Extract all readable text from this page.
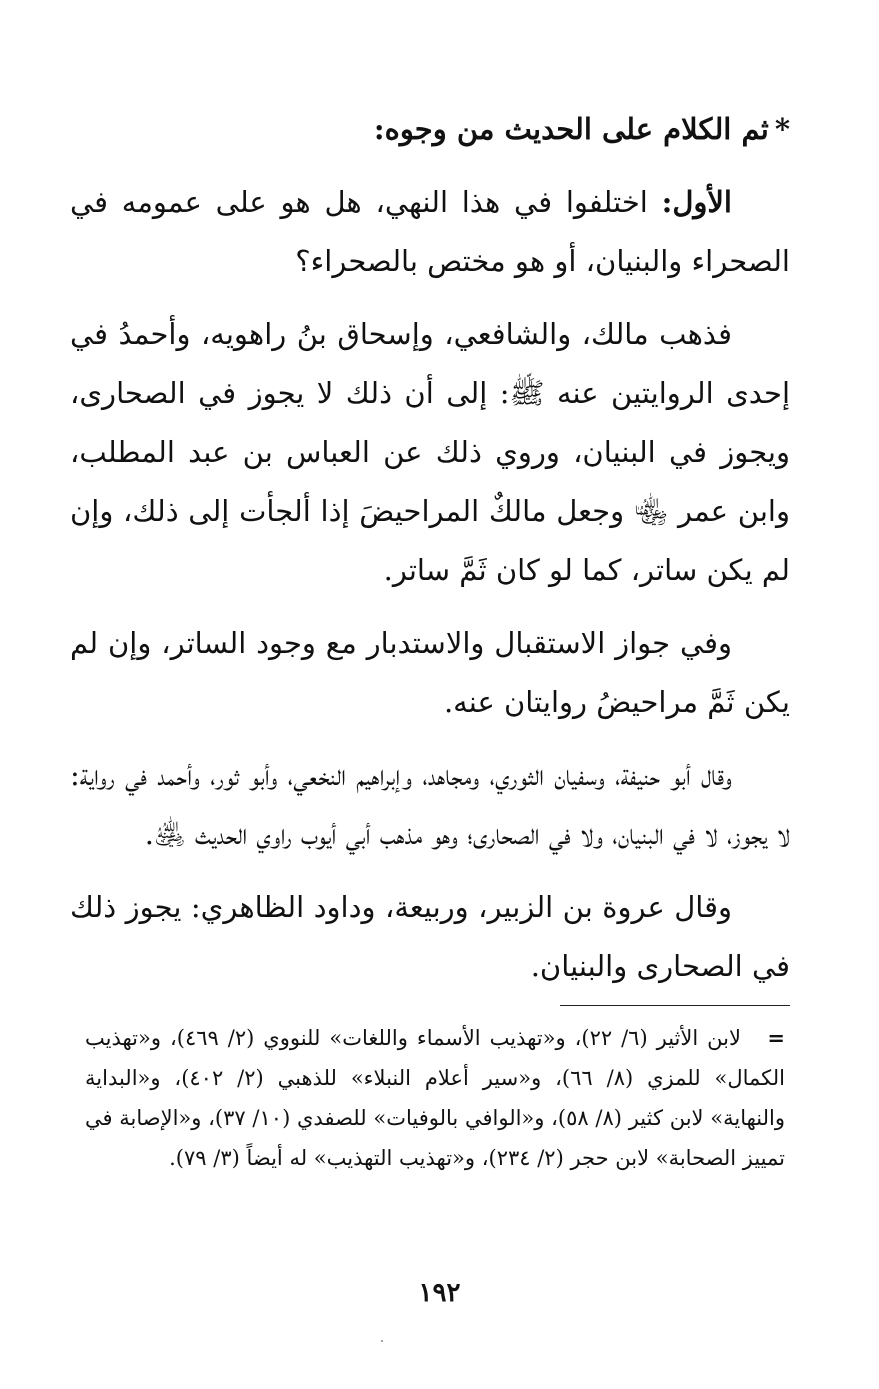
*ثم الكلام على الحديث من وجوه:

الأول: اختلفوا في هذا النهي، هل هو على عمومه في الصحراء والبنيان، أو هو مختص بالصحراء؟

فذهب مالك، والشافعي، وإسحاق بنُ راهويه، وأحمدُ في إحدى الروايتين عنه ﷺ: إلى أن ذلك لا يجوز في الصحارى، ويجوز في البنيان، وروي ذلك عن العباس بن عبد المطلب، وابن عمر ﵄ وجعل مالكٌ المراحيضَ إذا ألجأت إلى ذلك، وإن لم يكن ساتر، كما لو كان ثَمَّ ساتر.

وفي جواز الاستقبال والاستدبار مع وجود الساتر، وإن لم يكن ثَمَّ مراحيضُ روايتان عنه.

وقال أبو حنيفة، وسفيان الثوري، ومجاهد، وإبراهيم النخعي، وأبو ثور، وأحمد في رواية: لا يجوز، لا في البنيان، ولا في الصحارى؛ وهو مذهب أبي أيوب راوي الحديث ﵁.

وقال عروة بن الزبير، وربيعة، وداود الظاهري: يجوز ذلك في الصحارى والبنيان.

=لابن الأثير (٦/ ٢٢)، و«تهذيب الأسماء واللغات» للنووي (٢/ ٤٦٩)، و«تهذيب الكمال» للمزي (٨/ ٦٦)، و«سير أعلام النبلاء» للذهبي (٢/ ٤٠٢)، و«البداية والنهاية» لابن كثير (٨/ ٥٨)، و«الوافي بالوفيات» للصفدي (١٠/ ٣٧)، و«الإصابة في تمييز الصحابة» لابن حجر (٢/ ٢٣٤)، و«تهذيب التهذيب» له أيضاً (٣/ ٧٩).

١٩٢
